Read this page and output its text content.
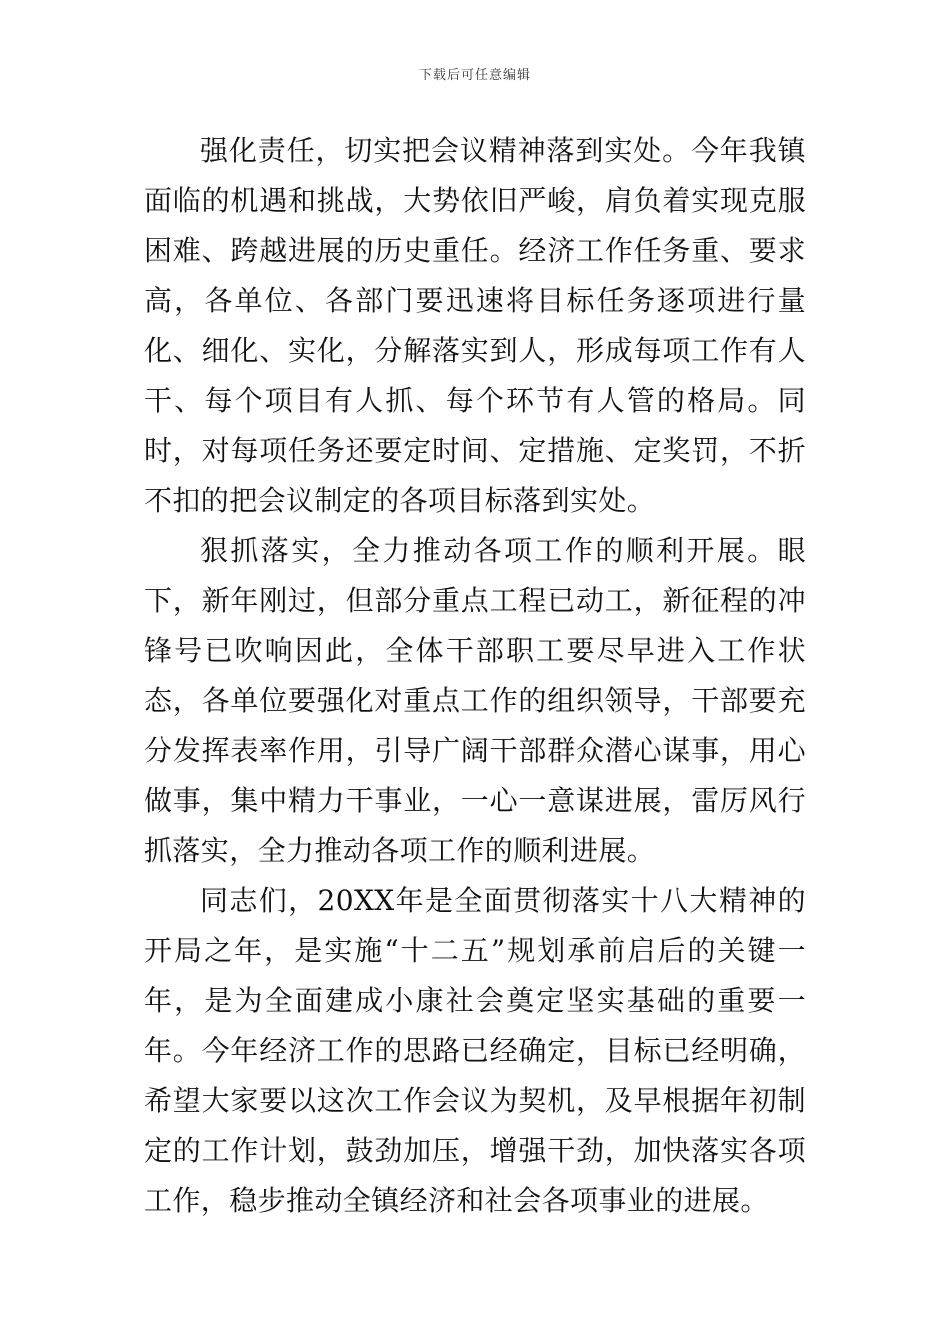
下载后可任意编辑

强化责任，切实把会议精神落到实处。今年我镇面临的机遇和挑战，大势依旧严峻，肩负着实现克服困难、跨越进展的历史重任。经济工作任务重、要求高，各单位、各部门要迅速将目标任务逐项进行量化、细化、实化，分解落实到人，形成每项工作有人干、每个项目有人抓、每个环节有人管的格局。同时，对每项任务还要定时间、定措施、定奖罚，不折不扣的把会议制定的各项目标落到实处。

狠抓落实，全力推动各项工作的顺利开展。眼下，新年刚过，但部分重点工程已动工，新征程的冲锋号已吹响因此，全体干部职工要尽早进入工作状态，各单位要强化对重点工作的组织领导，干部要充分发挥表率作用，引导广阔干部群众潜心谋事，用心做事，集中精力干事业，一心一意谋进展，雷厉风行抓落实，全力推动各项工作的顺利进展。

同志们，20XX年是全面贯彻落实十八大精神的开局之年，是实施“十二五”规划承前启后的关键一年，是为全面建成小康社会奠定坚实基础的重要一年。今年经济工作的思路已经确定，目标已经明确，希望大家要以这次工作会议为契机，及早根据年初制定的工作计划，鼓劲加压，增强干劲，加快落实各项工作，稳步推动全镇经济和社会各项事业的进展。
